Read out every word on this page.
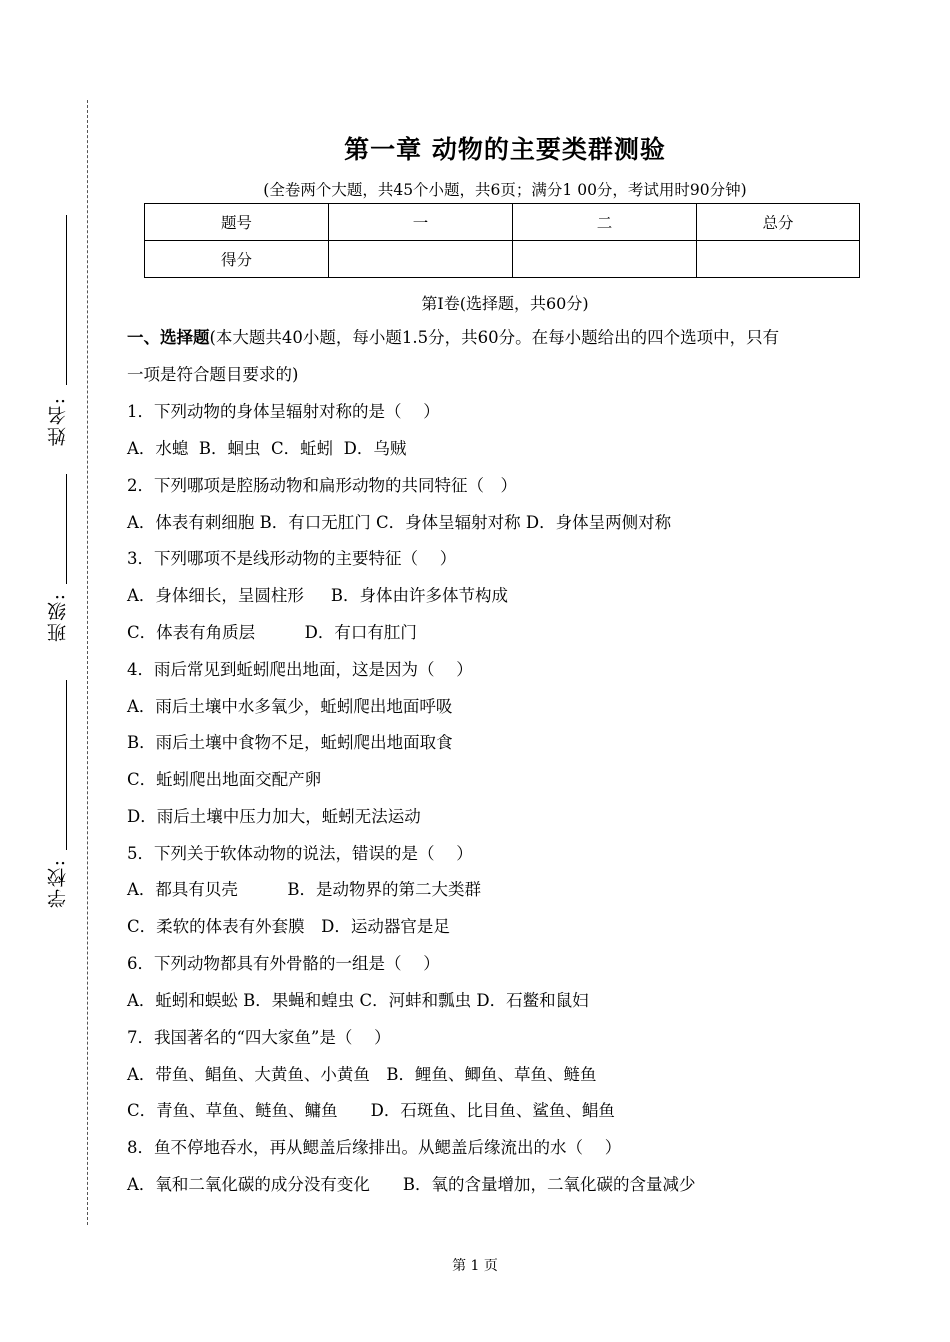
姓名:
班级:
学校:
第一章 动物的主要类群测验
(全卷两个大题，共45个小题，共6页；满分1 00分，考试用时90分钟)
题号	一	二	总分
得分			
第Ⅰ卷(选择题，共60分)
一、选择题(本大题共40小题，每小题1.5分，共60分。在每小题给出的四个选项中，只有
一项是符合题目要求的)
1．下列动物的身体呈辐射对称的是（　 ）
A．水螅  B．蛔虫  C．蚯蚓  D．乌贼
2．下列哪项是腔肠动物和扁形动物的共同特征（　）
A．体表有刺细胞 B．有口无肛门 C．身体呈辐射对称 D．身体呈两侧对称
3．下列哪项不是线形动物的主要特征（　 ）
A．身体细长，呈圆柱形　  B．身体由许多体节构成
C．体表有角质层　　　D．有口有肛门
4．雨后常见到蚯蚓爬出地面，这是因为（　 ）
A．雨后土壤中水多氧少，蚯蚓爬出地面呼吸
B．雨后土壤中食物不足，蚯蚓爬出地面取食
C．蚯蚓爬出地面交配产卵
D．雨后土壤中压力加大，蚯蚓无法运动
5．下列关于软体动物的说法，错误的是（　 ）
A．都具有贝壳　　　B．是动物界的第二大类群
C．柔软的体表有外套膜　D．运动器官是足
6．下列动物都具有外骨骼的一组是（　 ）
A．蚯蚓和蜈蚣 B．果蝇和蝗虫 C．河蚌和瓢虫 D．石鳖和鼠妇
7．我国著名的“四大家鱼”是（　 ）
A．带鱼、鲳鱼、大黄鱼、小黄鱼　B．鲤鱼、鲫鱼、草鱼、鲢鱼
C．青鱼、草鱼、鲢鱼、鳙鱼　　D．石斑鱼、比目鱼、鲨鱼、鲳鱼
8．鱼不停地吞水，再从鳃盖后缘排出。从鳃盖后缘流出的水（　 ）
A．氧和二氧化碳的成分没有变化　　B．氧的含量增加，二氧化碳的含量减少
第 1 页
